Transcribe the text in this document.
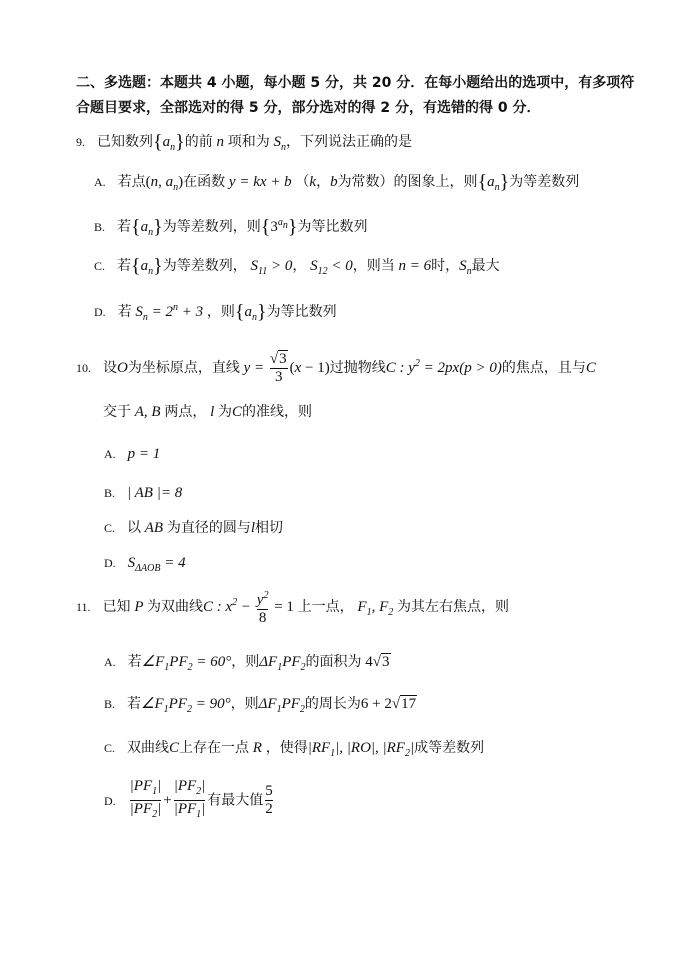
二、多选题：本题共 4 小题，每小题 5 分，共 20 分．在每小题给出的选项中，有多项符
合题目要求，全部选对的得 5 分，部分选对的得 2 分，有选错的得 0 分．
9. 已知数列$\{a_n\}$的前 n 项和为 $S_n$，下列说法正确的是
A. 若点(n, $a_n$)在函数 y = kx + b （k，b为常数）的图象上，则$\{a_n\}$为等差数列
B. 若$\{a_n\}$为等差数列，则$\{3^{a_n}\}$为等比数列
C. 若$\{a_n\}$为等差数列， $S_{11} > 0$， $S_{12} < 0$，则当 n = 6时，$S_n$最大
D. 若 $S_n = 2^n + 3$ ，则$\{a_n\}$为等比数列
10. 设O为坐标原点，直线 $y = \frac{√3}{3} (x - 1)$过抛物线C : $y^2 = 2px(p > 0)$的焦点，且与C
交于 A, B 两点， l 为C的准线，则
A. p = 1
B. | AB |= 8
C. 以 AB 为直径的圆与l相切
D. $S_{\Delta AOB} = 4$
11. 已知 P 为双曲线C : $x^2 - \frac{y^2}{8} = 1$ 上一点， $F_1$, $F_2$ 为其左右焦点，则
A. 若$\angle F_1PF_2 = 60^\circ$，则$\Delta F_1PF_2$的面积为 4√3
B. 若$\angle F_1PF_2 = 90^\circ$，则$\Delta F_1PF_2$的周长为6 + 2√17
C. 双曲线C上存在一点 R ，使得$|RF_1|$, |RO|, $|RF_2|$成等差数列
D. $\frac{|PF_1|}{|PF_2|} + \frac{|PF_2|}{|PF_1|}$ 有最大值 $\frac{5}{2}$
